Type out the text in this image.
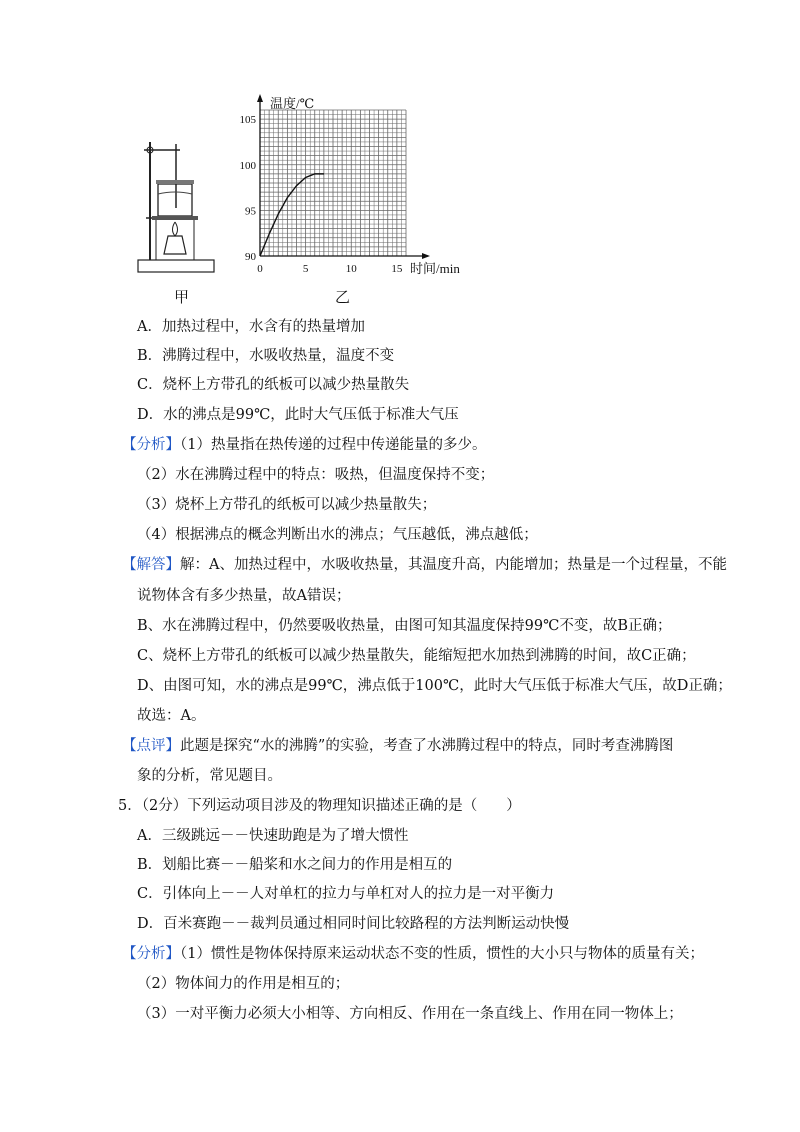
90
95
100
105
0	5	10	15
温度/℃
时间/min
甲	乙
A．加热过程中，水含有的热量增加
B．沸腾过程中，水吸收热量，温度不变
C．烧杯上方带孔的纸板可以减少热量散失
D．水的沸点是99℃，此时大气压低于标准大气压
【分析】（1）热量指在热传递的过程中传递能量的多少。
（2）水在沸腾过程中的特点：吸热，但温度保持不变；
（3）烧杯上方带孔的纸板可以减少热量散失；
（4）根据沸点的概念判断出水的沸点；气压越低，沸点越低；
【解答】解：A、加热过程中，水吸收热量，其温度升高，内能增加；热量是一个过程量，不能
说物体含有多少热量，故A错误；
B、水在沸腾过程中，仍然要吸收热量，由图可知其温度保持99℃不变，故B正确；
C、烧杯上方带孔的纸板可以减少热量散失，能缩短把水加热到沸腾的时间，故C正确；
D、由图可知，水的沸点是99℃，沸点低于100℃，此时大气压低于标准大气压，故D正确；
故选：A。
【点评】此题是探究“水的沸腾”的实验，考查了水沸腾过程中的特点，同时考查沸腾图
象的分析，常见题目。
5．（2分）下列运动项目涉及的物理知识描述正确的是（　　）
A．三级跳远－－快速助跑是为了增大惯性
B．划船比赛－－船桨和水之间力的作用是相互的
C．引体向上－－人对单杠的拉力与单杠对人的拉力是一对平衡力
D．百米赛跑－－裁判员通过相同时间比较路程的方法判断运动快慢
【分析】（1）惯性是物体保持原来运动状态不变的性质，惯性的大小只与物体的质量有关；
（2）物体间力的作用是相互的；
（3）一对平衡力必须大小相等、方向相反、作用在一条直线上、作用在同一物体上；
